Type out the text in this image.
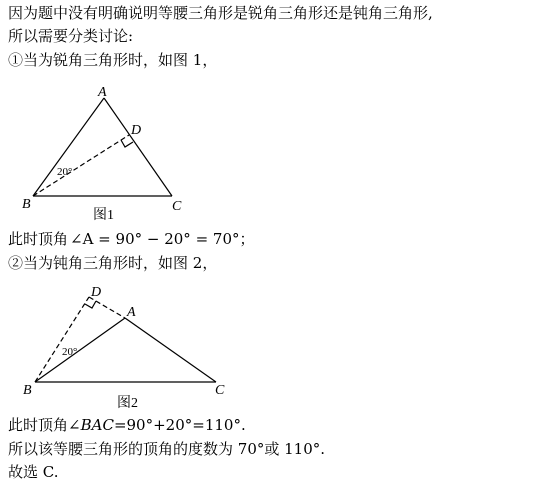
因为题中没有明确说明等腰三角形是锐角三角形还是钝角三角形,
所以需要分类讨论:
①当为锐角三角形时，如图 1，
A
D
B	C
20°
图1
此时顶角 ∠A = 90° − 20° = 70°；
②当为钝角三角形时，如图 2，
D
A
B	C
20°
图2
此时顶角∠BAC=90°+20°=110°.
所以该等腰三角形的顶角的度数为 70°或 110°.
故选 C.
